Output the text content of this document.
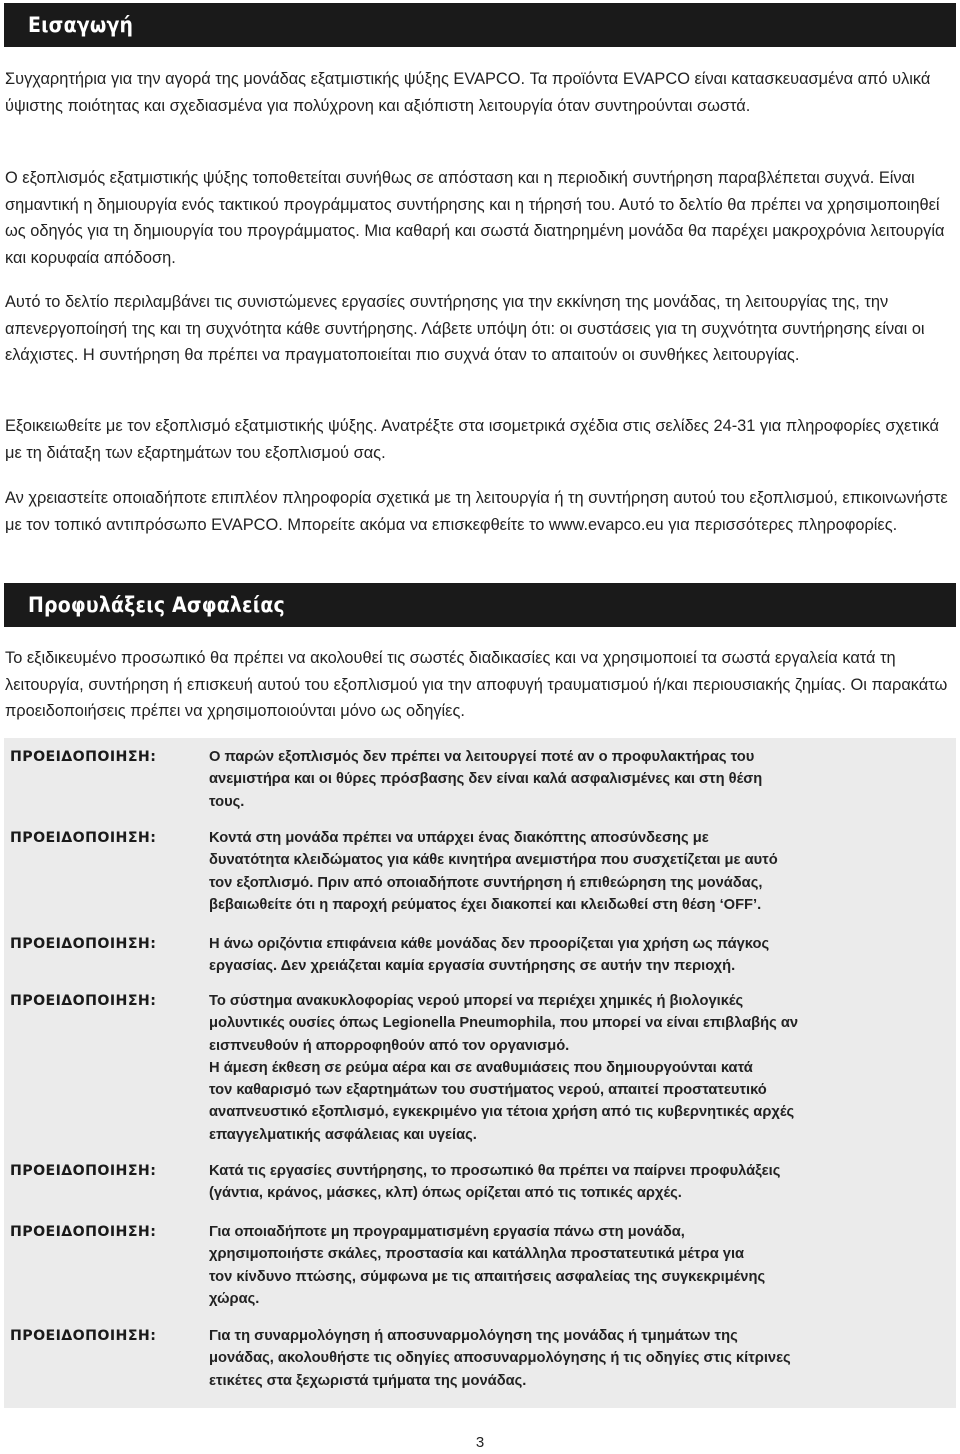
Εισαγωγή

Συγχαρητήρια για την αγορά της μονάδας εξατμιστικής ψύξης EVAPCO. Τα προϊόντα EVAPCO είναι κατασκευασμένα από υλικά ύψιστης ποιότητας και σχεδιασμένα για πολύχρονη και αξιόπιστη λειτουργία όταν συντηρούνται σωστά.

Ο εξοπλισμός εξατμιστικής ψύξης τοποθετείται συνήθως σε απόσταση και η περιοδική συντήρηση παραβλέπεται συχνά. Είναι σημαντική η δημιουργία ενός τακτικού προγράμματος συντήρησης και η τήρησή του. Αυτό το δελτίο θα πρέπει να χρησιμοποιηθεί ως οδηγός για τη δημιουργία του προγράμματος. Μια καθαρή και σωστά διατηρημένη μονάδα θα παρέχει μακροχρόνια λειτουργία και κορυφαία απόδοση.

Αυτό το δελτίο περιλαμβάνει τις συνιστώμενες εργασίες συντήρησης για την εκκίνηση της μονάδας, τη λειτουργίας της, την απενεργοποίησή της και τη συχνότητα κάθε συντήρησης. Λάβετε υπόψη ότι: οι συστάσεις για τη συχνότητα συντήρησης είναι οι ελάχιστες. Η συντήρηση θα πρέπει να πραγματοποιείται πιο συχνά όταν το απαιτούν οι συνθήκες λειτουργίας.

Εξοικειωθείτε με τον εξοπλισμό εξατμιστικής ψύξης. Ανατρέξτε στα ισομετρικά σχέδια στις σελίδες 24-31 για πληροφορίες σχετικά με τη διάταξη των εξαρτημάτων του εξοπλισμού σας.

Αν χρειαστείτε οποιαδήποτε επιπλέον πληροφορία σχετικά με τη λειτουργία ή τη συντήρηση αυτού του εξοπλισμού, επικοινωνήστε με τον τοπικό αντιπρόσωπο EVAPCO. Μπορείτε ακόμα να επισκεφθείτε το www.evapco.eu για περισσότερες πληροφορίες.

Προφυλάξεις Ασφαλείας

Το εξιδικευμένο προσωπικό θα πρέπει να ακολουθεί τις σωστές διαδικασίες και να χρησιμοποιεί τα σωστά εργαλεία κατά τη λειτουργία, συντήρηση ή επισκευή αυτού του εξοπλισμού για την αποφυγή τραυματισμού ή/και περιουσιακής ζημίας. Οι παρακάτω προειδοποιήσεις πρέπει να χρησιμοποιούνται μόνο ως οδηγίες.

ΠΡΟΕΙΔΟΠΟΙΗΣΗ:	Ο παρών εξοπλισμός δεν πρέπει να λειτουργεί ποτέ αν ο προφυλακτήρας του
ανεμιστήρα και οι θύρες πρόσβασης δεν είναι καλά ασφαλισμένες και στη θέση
τους.
ΠΡΟΕΙΔΟΠΟΙΗΣΗ:	Κοντά στη μονάδα πρέπει να υπάρχει ένας διακόπτης αποσύνδεσης με
δυνατότητα κλειδώματος για κάθε κινητήρα ανεμιστήρα που συσχετίζεται με αυτό
τον εξοπλισμό. Πριν από οποιαδήποτε συντήρηση ή επιθεώρηση της μονάδας,
βεβαιωθείτε ότι η παροχή ρεύματος έχει διακοπεί και κλειδωθεί στη θέση ‘OFF’.
ΠΡΟΕΙΔΟΠΟΙΗΣΗ:	Η άνω οριζόντια επιφάνεια κάθε μονάδας δεν προορίζεται για χρήση ως πάγκος
εργασίας. Δεν χρειάζεται καμία εργασία συντήρησης σε αυτήν την περιοχή.
ΠΡΟΕΙΔΟΠΟΙΗΣΗ:	Το σύστημα ανακυκλοφορίας νερού μπορεί να περιέχει χημικές ή βιολογικές
μολυντικές ουσίες όπως Legionella Pneumophila, που μπορεί να είναι επιβλαβής αν
εισπνευθούν ή απορροφηθούν από τον οργανισμό.
Η άμεση έκθεση σε ρεύμα αέρα και σε αναθυμιάσεις που δημιουργούνται κατά
τον καθαρισμό των εξαρτημάτων του συστήματος νερού, απαιτεί προστατευτικό
αναπνευστικό εξοπλισμό, εγκεκριμένο για τέτοια χρήση από τις κυβερνητικές αρχές
επαγγελματικής ασφάλειας και υγείας.
ΠΡΟΕΙΔΟΠΟΙΗΣΗ:	Κατά τις εργασίες συντήρησης, το προσωπικό θα πρέπει να παίρνει προφυλάξεις
(γάντια, κράνος, μάσκες, κλπ) όπως ορίζεται από τις τοπικές αρχές.
ΠΡΟΕΙΔΟΠΟΙΗΣΗ:	Για οποιαδήποτε μη προγραμματισμένη εργασία πάνω στη μονάδα,
χρησιμοποιήστε σκάλες, προστασία και κατάλληλα προστατευτικά μέτρα για
τον κίνδυνο πτώσης, σύμφωνα με τις απαιτήσεις ασφαλείας της συγκεκριμένης
χώρας.
ΠΡΟΕΙΔΟΠΟΙΗΣΗ:	Για τη συναρμολόγηση ή αποσυναρμολόγηση της μονάδας ή τμημάτων της
μονάδας, ακολουθήστε τις οδηγίες αποσυναρμολόγησης ή τις οδηγίες στις κίτρινες
ετικέτες στα ξεχωριστά τμήματα της μονάδας.
3
